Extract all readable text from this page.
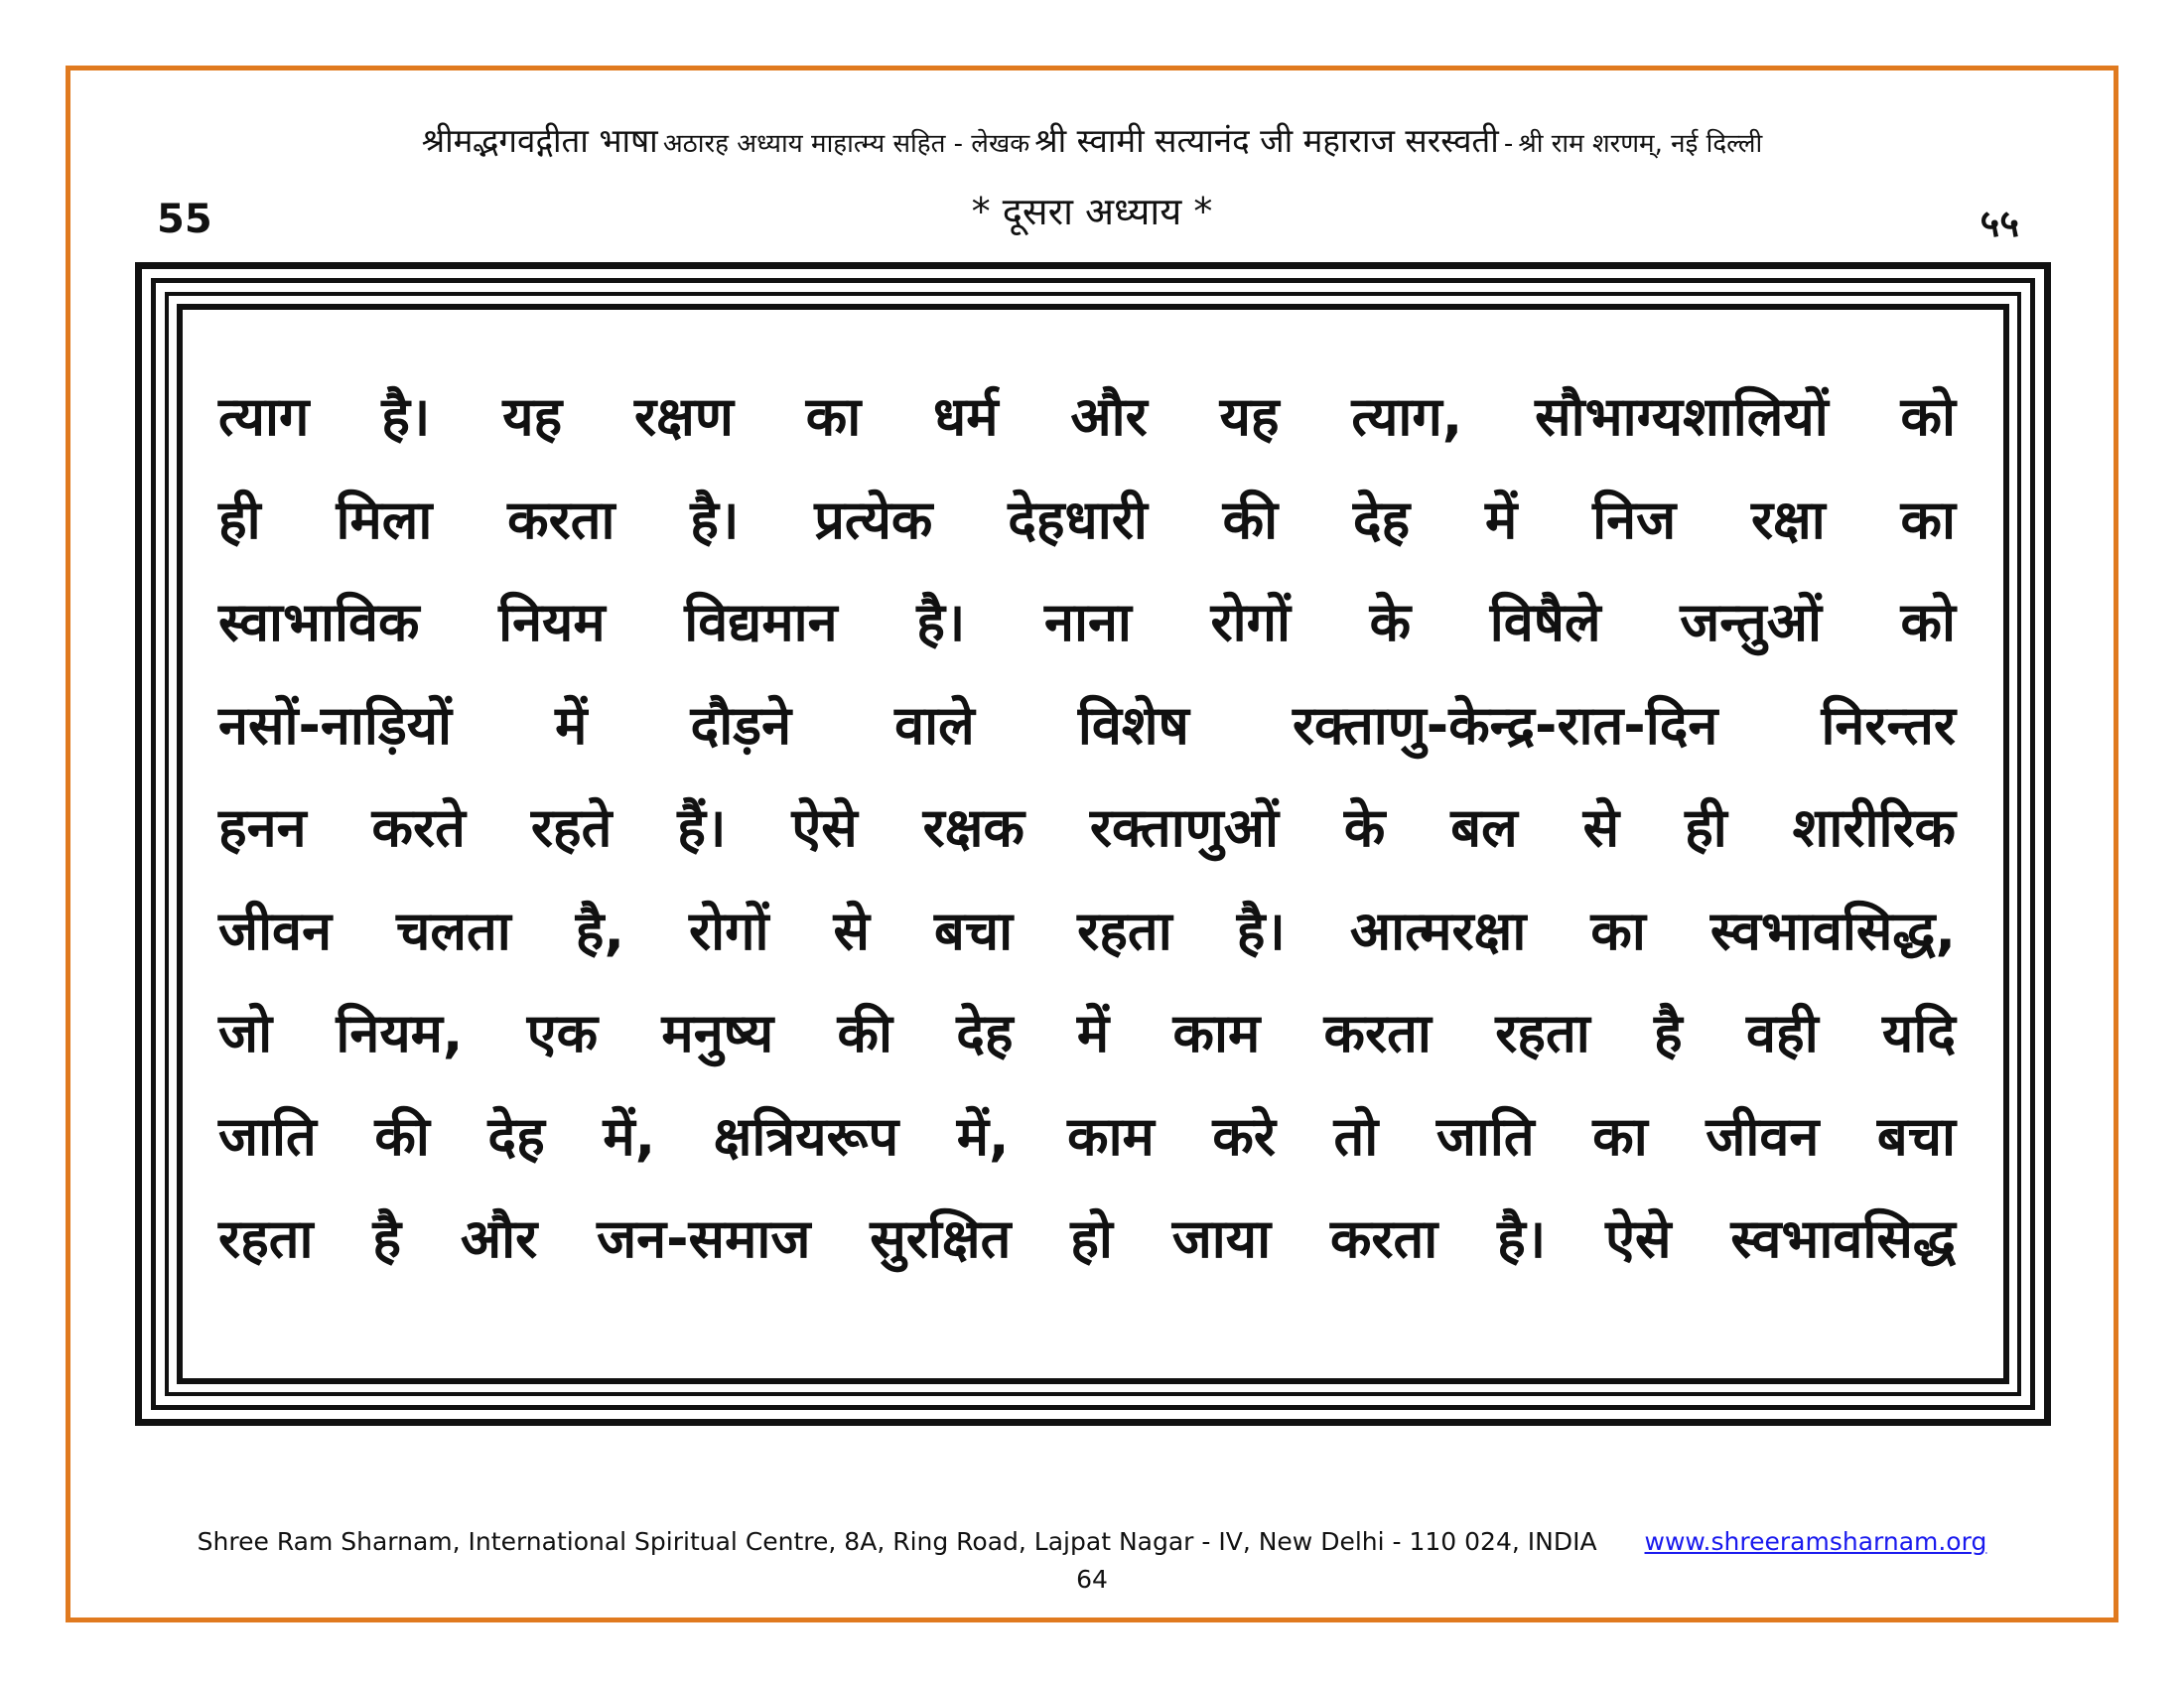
श्रीमद्भगवद्गीता भाषा अठारह अध्याय माहात्म्य सहित - लेखक श्री स्वामी सत्यानंद जी महाराज सरस्वती - श्री राम शरणम्, नई दिल्ली
55	* दूसरा अध्याय *	५५
त्याग है। यह रक्षण का धर्म और यह त्याग, सौभाग्यशालियों को
ही मिला करता है। प्रत्येक देहधारी की देह में निज रक्षा का
स्वाभाविक नियम विद्यमान है। नाना रोगों के विषैले जन्तुओं को
नसों-नाड़ियों में दौड़ने वाले विशेष रक्ताणु-केन्द्र-रात-दिन निरन्तर
हनन करते रहते हैं। ऐसे रक्षक रक्ताणुओं के बल से ही शारीरिक
जीवन चलता है, रोगों से बचा रहता है। आत्मरक्षा का स्वभावसिद्ध,
जो नियम, एक मनुष्य की देह में काम करता रहता है वही यदि
जाति की देह में, क्षत्रियरूप में, काम करे तो जाति का जीवन बचा
रहता है और जन-समाज सुरक्षित हो जाया करता है। ऐसे स्वभावसिद्ध
Shree Ram Sharnam, International Spiritual Centre, 8A, Ring Road, Lajpat Nagar - IV, New Delhi - 110 024, INDIA www.shreeramsharnam.org
64
